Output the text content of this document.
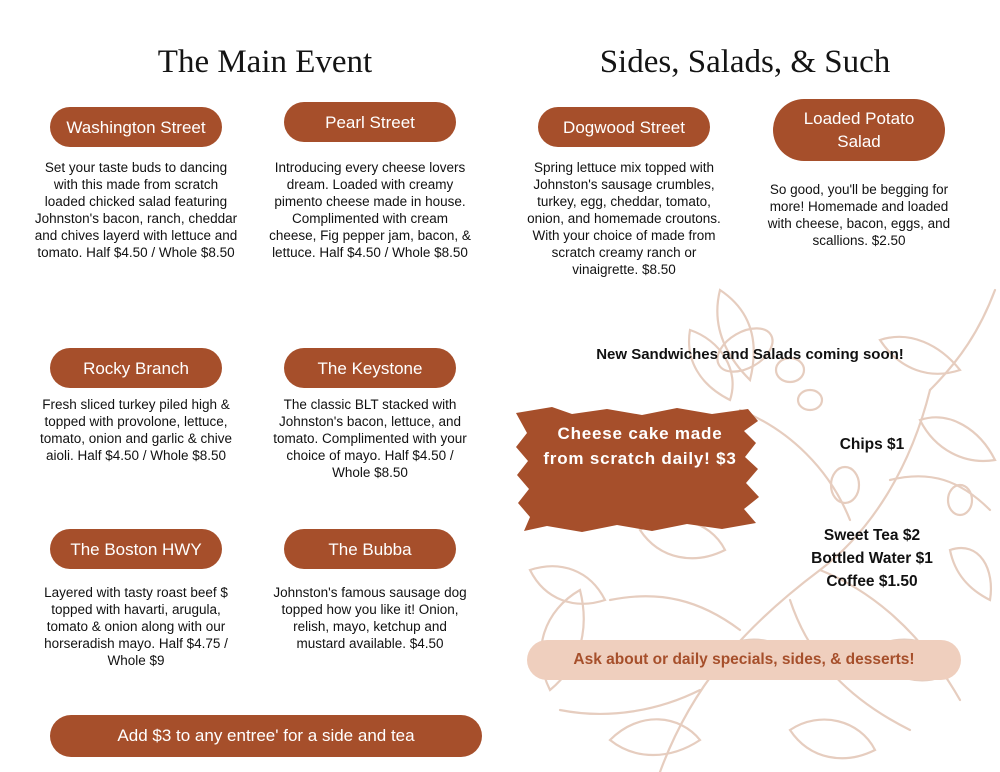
The Main Event
Washington Street
Set your taste buds to dancing with this made from scratch loaded chicked salad featuring Johnston's bacon, ranch, cheddar and chives layerd with lettuce and tomato. Half $4.50 / Whole $8.50
Pearl Street
Introducing every cheese lovers dream. Loaded with creamy pimento cheese made in house. Complimented with cream cheese, Fig pepper jam, bacon, & lettuce. Half $4.50 / Whole $8.50
Rocky Branch
Fresh sliced turkey piled high & topped with provolone, lettuce, tomato, onion and garlic & chive aioli. Half $4.50 / Whole $8.50
The Keystone
The classic BLT stacked with Johnston's bacon, lettuce, and tomato. Complimented with your choice of mayo. Half $4.50 / Whole $8.50
The Boston HWY
Layered with tasty roast beef $ topped with havarti, arugula, tomato & onion along with our horseradish mayo. Half $4.75 / Whole $9
The Bubba
Johnston's famous sausage dog topped how you like it! Onion, relish, mayo, ketchup and mustard available. $4.50
Add $3 to any entree' for a side and tea
Sides, Salads, & Such
Dogwood Street
Spring lettuce mix topped with Johnston's sausage crumbles, turkey, egg, cheddar, tomato, onion, and homemade croutons. With your choice of made from scratch creamy ranch or vinaigrette. $8.50
Loaded Potato Salad
So good, you'll be begging for more! Homemade and loaded with cheese, bacon, eggs, and scallions. $2.50
New Sandwiches and Salads coming soon!
Cheese cake made from scratch daily! $3
Chips $1
Sweet Tea $2
Bottled Water $1
Coffee $1.50
Ask about or daily specials, sides, & desserts!
